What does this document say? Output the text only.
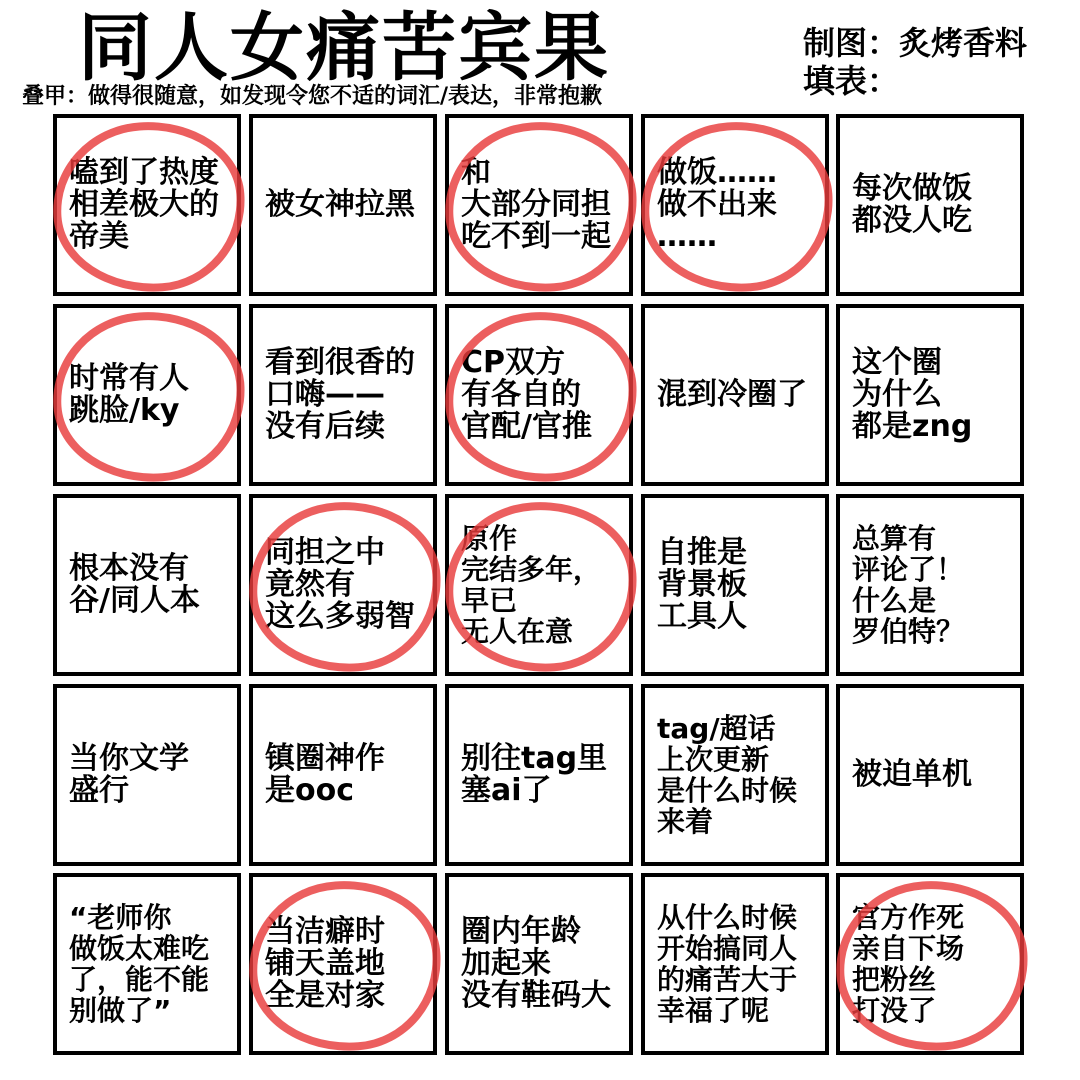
同人女痛苦宾果
叠甲：做得很随意，如发现令您不适的词汇/表达，非常抱歉
制图：炙烤香料
填表：
嗑到了热度
相差极大的
帝美
被女神拉黑
和
大部分同担
吃不到一起
做饭……
做不出来
……
每次做饭
都没人吃
时常有人
跳脸/ky
看到很香的
口嗨——
没有后续
CP双方
有各自的
官配/官推
混到冷圈了
这个圈
为什么
都是zng
根本没有
谷/同人本
同担之中
竟然有
这么多弱智
原作
完结多年，
早已
无人在意
自推是
背景板
工具人
总算有
评论了！
什么是
罗伯特？
当你文学
盛行
镇圈神作
是ooc
别往tag里
塞ai了
tag/超话
上次更新
是什么时候
来着
被迫单机
“老师你
做饭太难吃
了，能不能
别做了”
当洁癖时
铺天盖地
全是对家
圈内年龄
加起来
没有鞋码大
从什么时候
开始搞同人
的痛苦大于
幸福了呢
官方作死
亲自下场
把粉丝
打没了
